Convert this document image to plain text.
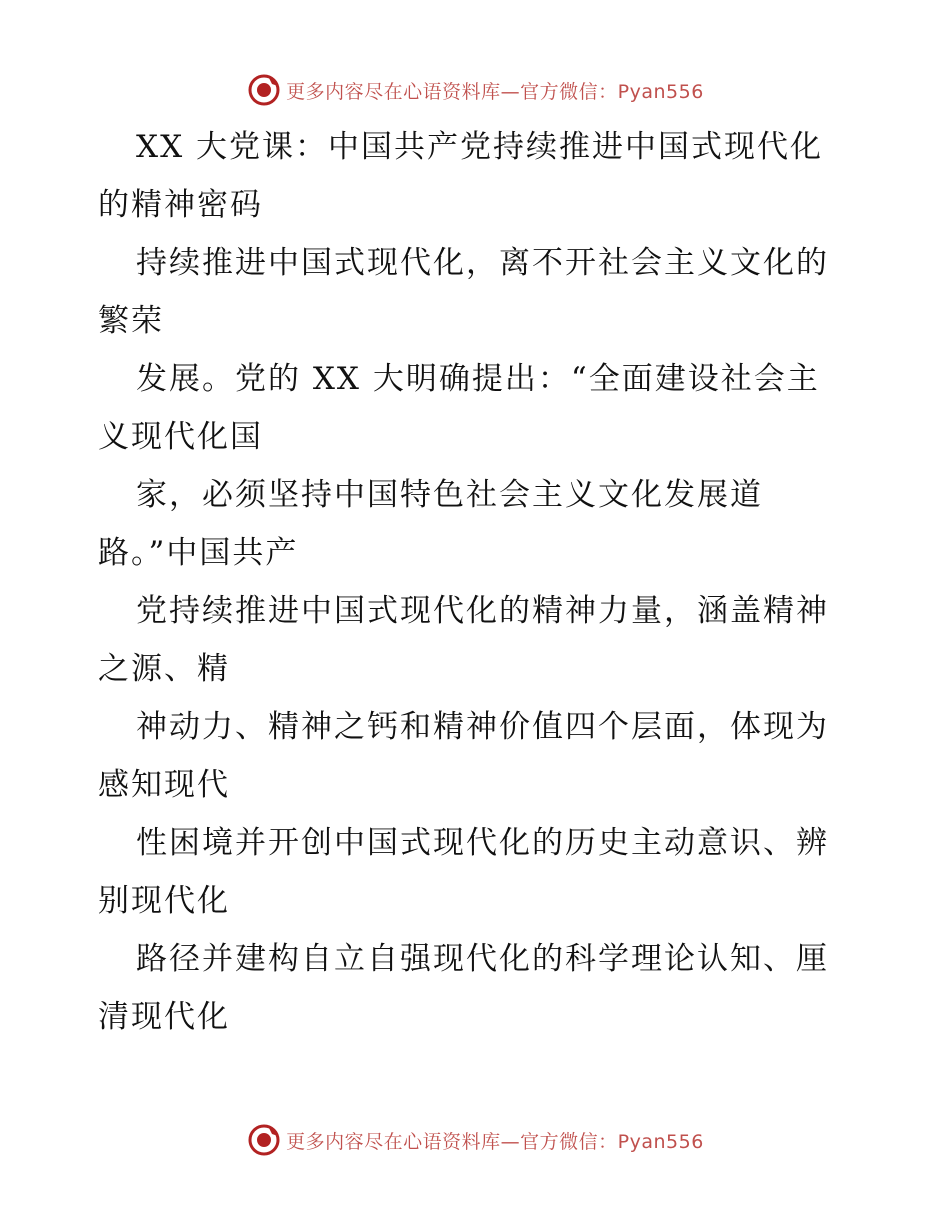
更多内容尽在心语资料库—官方微信：Pyan556
XX 大党课：中国共产党持续推进中国式现代化
的精神密码
持续推进中国式现代化，离不开社会主义文化的
繁荣
发展。党的 XX 大明确提出：“全面建设社会主
义现代化国
家，必须坚持中国特色社会主义文化发展道
路。”中国共产
党持续推进中国式现代化的精神力量，涵盖精神
之源、精
神动力、精神之钙和精神价值四个层面，体现为
感知现代
性困境并开创中国式现代化的历史主动意识、辨
别现代化
路径并建构自立自强现代化的科学理论认知、厘
清现代化
更多内容尽在心语资料库—官方微信：Pyan556
